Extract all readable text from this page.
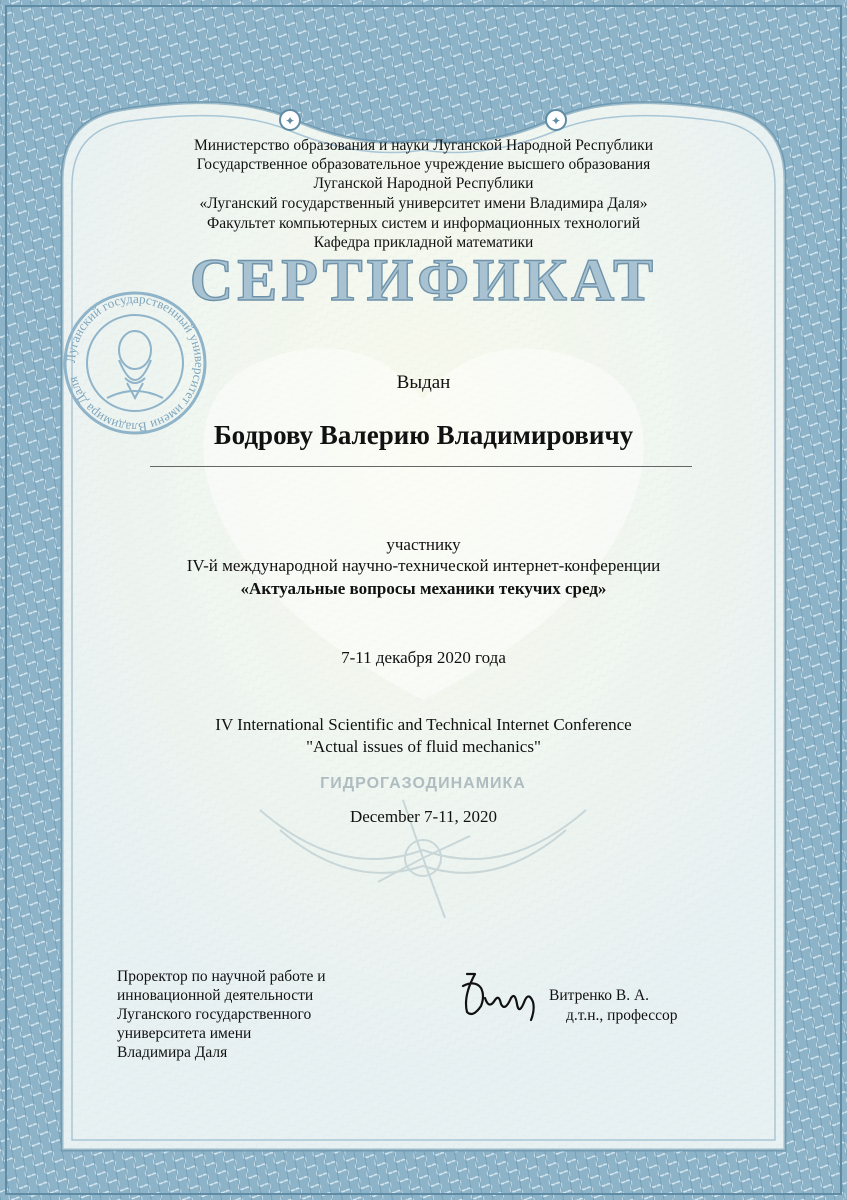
✦	✦
ГИДРОГАЗОДИНАМИКА
Луганский государственный университет имени Владимира Даля
Министерство образования и науки Луганской Народной Республики
Государственное образовательное учреждение высшего образования
Луганской Народной Республики
«Луганский государственный университет имени Владимира Даля»
Факультет компьютерных систем и информационных технологий
Кафедра прикладной математики
СЕРТИФИКАТ
Выдан
Бодрову Валерию Владимировичу
участнику
IV-й международной научно-технической интернет-конференции
«Актуальные вопросы механики текучих сред»
7-11 декабря 2020 года
IV International Scientific and Technical Internet Conference
"Actual issues of fluid mechanics"
December 7-11, 2020
Проректор по научной работе и
инновационной деятельности
Луганского государственного
университета имени
Владимира Даля
Витренко В. А.
д.т.н., профессор
